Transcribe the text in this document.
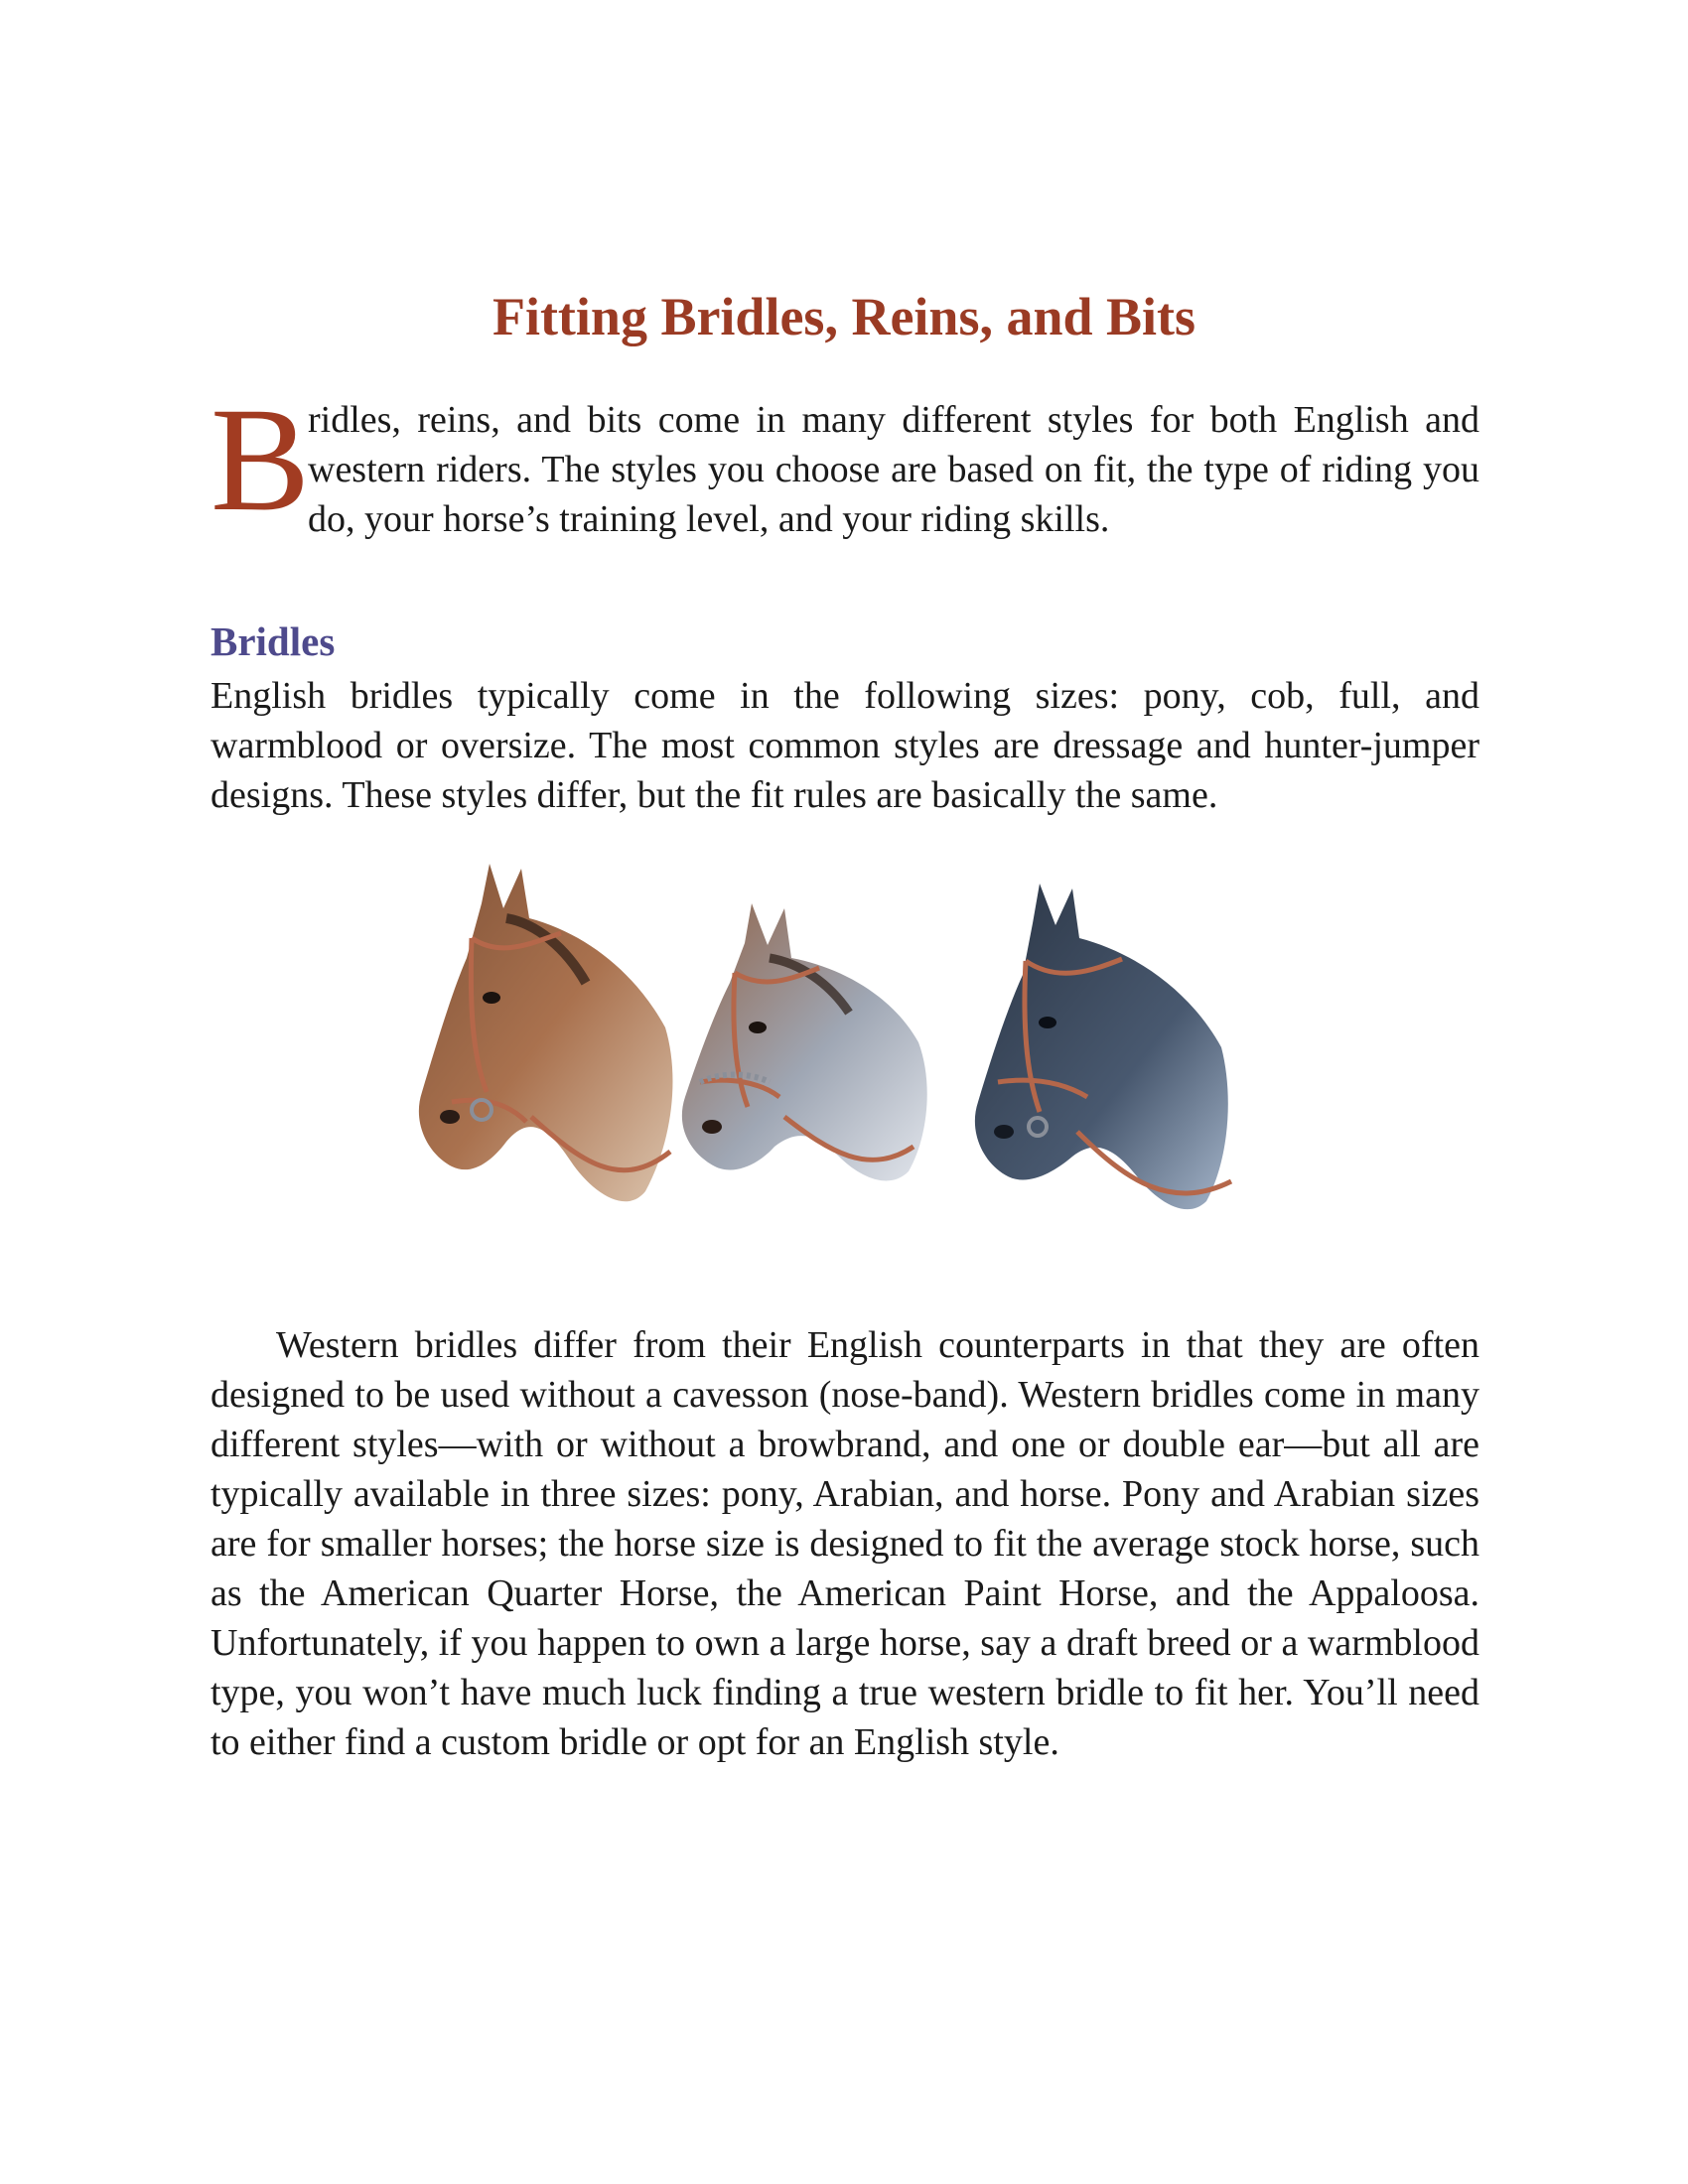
Fitting Bridles, Reins, and Bits
B

ridles, reins, and bits come in many different styles for both English and western riders. The styles you choose are based on fit, the type of riding you do, your horse’s training level, and your riding skills.

Bridles

English bridles typically come in the following sizes: pony, cob, full, and warmblood or oversize. The most common styles are dressage and hunter-jumper designs. These styles differ, but the fit rules are basically the same.

Western bridles differ from their English counterparts in that they are often designed to be used without a cavesson (nose-band). Western bridles come in many different styles—with or without a browbrand, and one or double ear—but all are typically available in three sizes: pony, Arabian, and horse. Pony and Arabian sizes are for smaller horses; the horse size is designed to fit the average stock horse, such as the American Quarter Horse, the American Paint Horse, and the Appaloosa. Unfortunately, if you happen to own a large horse, say a draft breed or a warmblood type, you won’t have much luck finding a true western bridle to fit her. You’ll need to either find a custom bridle or opt for an English style.
